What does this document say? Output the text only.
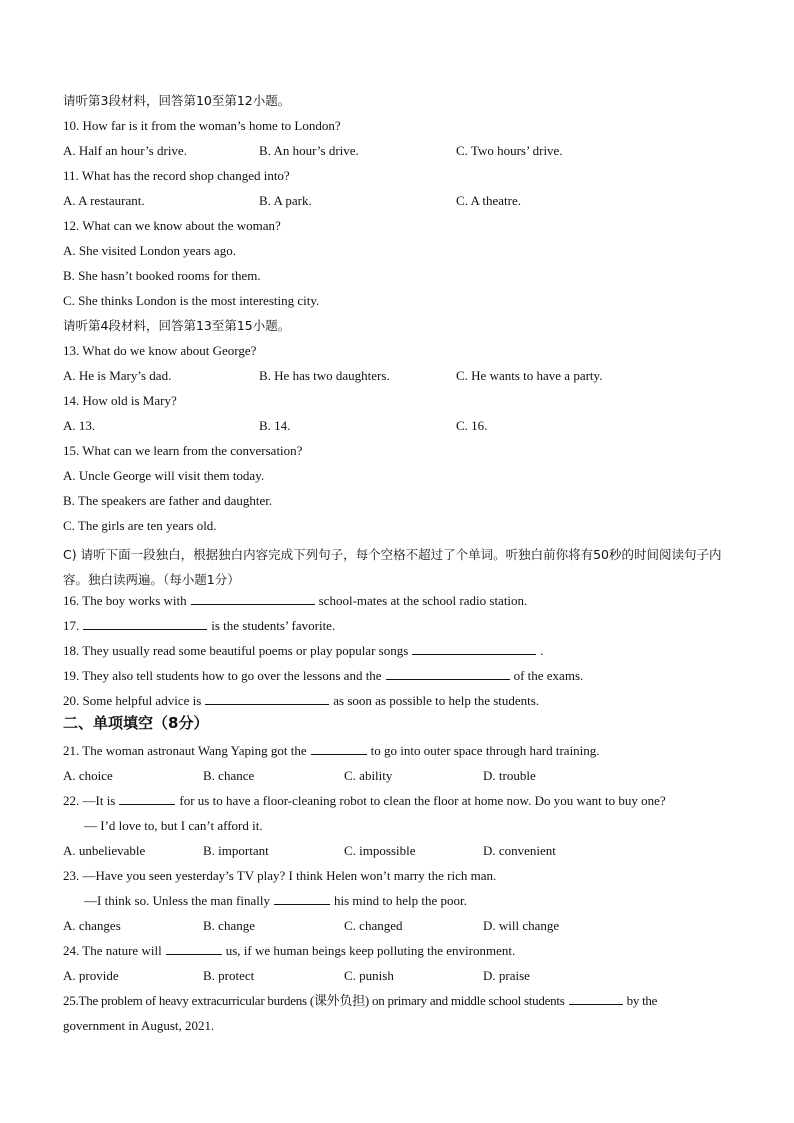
请听第3段材料，回答第10至第12小题。
10. How far is it from the woman’s home to London?
A. Half an hour’s drive.	B. An hour’s drive.	C. Two hours’ drive.
11. What has the record shop changed into?
A. A restaurant.	B. A park.	C. A theatre.
12. What can we know about the woman?
A. She visited London years ago.
B. She hasn’t booked rooms for them.
C. She thinks London is the most interesting city.
请听第4段材料，回答第13至第15小题。
13. What do we know about George?
A. He is Mary’s dad.	B. He has two daughters.	C. He wants to have a party.
14. How old is Mary?
A. 13.	B. 14.	C. 16.
15. What can we learn from the conversation?
A. Uncle George will visit them today.
B. The speakers are father and daughter.
C. The girls are ten years old.
C) 请听下面一段独白，根据独白内容完成下列句子，每个空格不超过了个单词。听独白前你将有50秒的时间阅读句子内容。独白读两遍。（每小题1分）
16. The boy works with	school-mates at the school radio station.
17.	is the students’ favorite.
18. They usually read some beautiful poems or play popular songs	.
19. They also tell students how to go over the lessons and the	of the exams.
20. Some helpful advice is	as soon as possible to help the students.
二、单项填空（8分）
21. The woman astronaut Wang Yaping got the	to go into outer space through hard training.
A. choice	B. chance	C. ability	D. trouble
22. —It is	for us to have a floor-cleaning robot to clean the floor at home now. Do you want to buy one?
— I’d love to, but I can’t afford it.
A. unbelievable	B. important	C. impossible	D. convenient
23. —Have you seen yesterday’s TV play? I think Helen won’t marry the rich man.
—I think so. Unless the man finally	his mind to help the poor.
A. changes	B. change	C. changed	D. will change
24. The nature will	us, if we human beings keep polluting the environment.
A. provide	B. protect	C. punish	D. praise
25.The problem of heavy extracurricular burdens (课外负担) on primary and middle school students	by the
government in August, 2021.
